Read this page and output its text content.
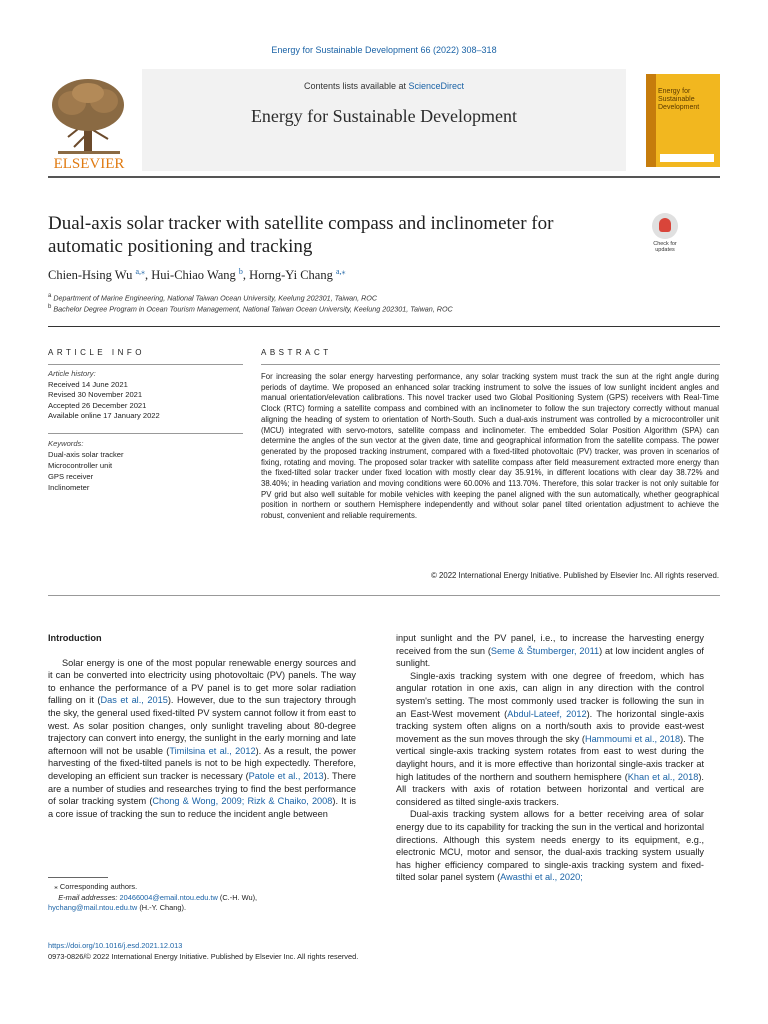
Energy for Sustainable Development 66 (2022) 308–318
ELSEVIER
Contents lists available at ScienceDirect
Energy for Sustainable Development
Energy for
Sustainable
Development
Dual-axis solar tracker with satellite compass and inclinometer for automatic positioning and tracking	Check for
updates
Chien-Hsing Wu $^{a,⁎}$, Hui-Chiao Wang $^b$, Horng-Yi Chang $^{a,⁎}$
$^a$ Department of Marine Engineering, National Taiwan Ocean University, Keelung 202301, Taiwan, ROC
$^b$ Bachelor Degree Program in Ocean Tourism Management, National Taiwan Ocean University, Keelung 202301, Taiwan, ROC
ARTICLE INFO	ABSTRACT
Article history:
Received 14 June 2021
Revised 30 November 2021
Accepted 26 December 2021
Available online 17 January 2022
Keywords:
Dual-axis solar tracker
Microcontroller unit
GPS receiver
Inclinometer
For increasing the solar energy harvesting performance, any solar tracking system must track the sun at the right angle during periods of daytime. We proposed an enhanced solar tracking instrument to solve the issues of low sunlight incident angles and manual orientation/elevation calibrations. This novel tracker used two Global Positioning System (GPS) receivers with Real-Time Clock (RTC) forming a satellite compass and combined with an inclinometer to follow the sun trajectory correctly without manual aligning the heading of system to orientation of North-South. Such a dual-axis instrument was controlled by a microcontroller unit (MCU) integrated with servo-motors, satellite compass and inclinometer. The embedded Solar Position Algorithm (SPA) can determine the angles of the sun vector at the given date, time and geographical information from the satellite compass. The power generated by the proposed tracking instrument, compared with a fixed-tilted photovoltaic (PV) tracker, was proven in scenarios of fixing, rotating and moving. The proposed solar tracker with satellite compass after field measurement extracted more energy than the fixed-tilted solar tracker under fixed location with mostly clear day 35.91%, in different locations with clear day 38.72% and 38.40%; in heading variation and moving conditions were 60.00% and 113.70%. Therefore, this solar tracker is not only suitable for PV grid but also well suitable for mobile vehicles with keeping the panel aligned with the sun automatically, whether geographical position in northern or southern Hemisphere independently and without solar panel tilted orientation adjustment to achieve the robust, convenient and reliable requirements.
© 2022 International Energy Initiative. Published by Elsevier Inc. All rights reserved.

Introduction

Solar energy is one of the most popular renewable energy sources and it can be converted into electricity using photovoltaic (PV) panels. The way to enhance the performance of a PV panel is to get more solar radiation falling on it (Das et al., 2015). However, due to the sun trajectory through the sky, the general used fixed-tilted PV system cannot follow it from east to west. As solar position changes, only sunlight traveling about 80-degree trajectory can convert into energy, the sunlight in the early morning and late afternoon will not be usable (Timilsina et al., 2012). As a result, the power harvesting of the fixed-tilted panels is not to be high expectedly. Therefore, developing an efficient sun tracker is necessary (Patole et al., 2013). There are a number of studies and researches trying to find the best performance of solar tracking system (Chong & Wong, 2009; Rizk & Chaiko, 2008). It is a core issue of tracking the sun to reduce the incident angle between

input sunlight and the PV panel, i.e., to increase the harvesting energy received from the sun (Seme & Štumberger, 2011) at low incident angles of sunlight.

Single-axis tracking system with one degree of freedom, which has angular rotation in one axis, can align in any direction with the control system's setting. The most commonly used tracker is following the sun in an East-West movement (Abdul-Lateef, 2012). The horizontal single-axis tracking system often aligns on a north/south axis to provide east-west movement as the sun moves through the sky (Hammoumi et al., 2018). The vertical single-axis tracking system rotates from east to west during the daylight hours, and it is more effective than horizontal single-axis tracker at high latitudes of the northern and southern hemisphere (Khan et al., 2018). All trackers with axis of rotation between horizontal and vertical are considered as tilted single-axis trackers.

Dual-axis tracking system allows for a better receiving area of solar energy due to its capability for tracking the sun in the vertical and horizontal directions. Although this system needs energy to its equipment, e.g., electronic MCU, motor and sensor, the dual-axis tracking system usually has higher efficiency compared to single-axis tracking system and fixed-tilted solar panel system (Awasthi et al., 2020;

⁎ Corresponding authors.
E-mail addresses: 20466004@email.ntou.edu.tw (C.-H. Wu),
hychang@mail.ntou.edu.tw (H.-Y. Chang).
https://doi.org/10.1016/j.esd.2021.12.013
0973-0826/© 2022 International Energy Initiative. Published by Elsevier Inc. All rights reserved.
